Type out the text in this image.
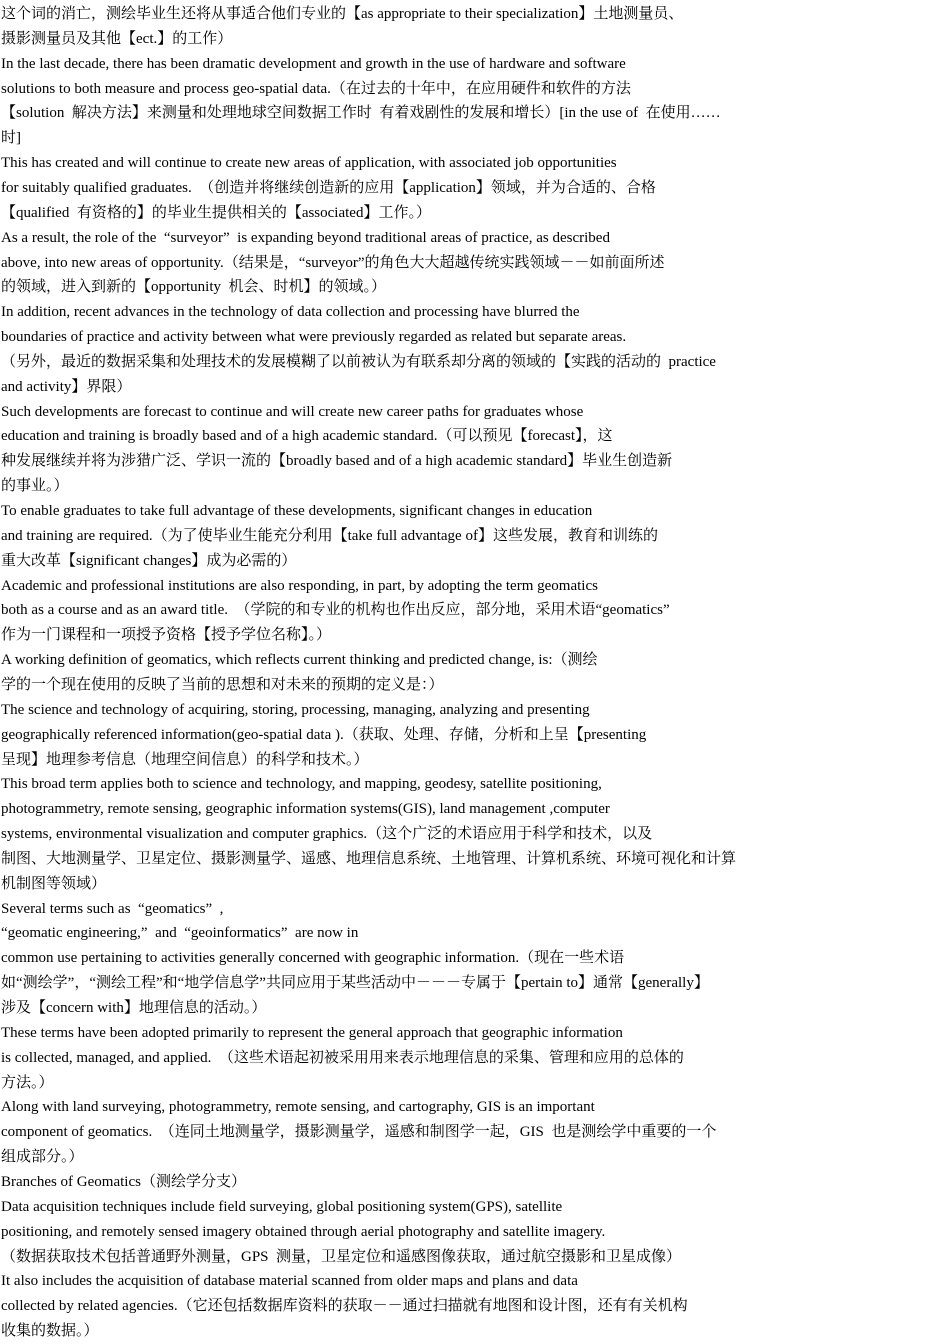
这个词的消亡，测绘毕业生还将从事适合他们专业的【as appropriate to their specialization】土地测量员、
摄影测量员及其他【ect.】的工作）
In the last decade, there has been dramatic development and growth in the use of hardware and software
solutions to both measure and process geo-spatial data.（在过去的十年中，在应用硬件和软件的方法
【solution  解决方法】来测量和处理地球空间数据工作时  有着戏剧性的发展和增长）[in the use of  在使用……
时]
This has created and will continue to create new areas of application, with associated job opportunities
for suitably qualified graduates.  （创造并将继续创造新的应用【application】领域，并为合适的、合格
【qualified  有资格的】的毕业生提供相关的【associated】工作。）
As a result, the role of the  “surveyor”  is expanding beyond traditional areas of practice, as described
above, into new areas of opportunity.（结果是，“surveyor”的角色大大超越传统实践领域－－如前面所述
的领域，进入到新的【opportunity  机会、时机】的领域。）
In addition, recent advances in the technology of data collection and processing have blurred the
boundaries of practice and activity between what were previously regarded as related but separate areas.
（另外，最近的数据采集和处理技术的发展模糊了以前被认为有联系却分离的领域的【实践的活动的  practice
and activity】界限）
Such developments are forecast to continue and will create new career paths for graduates whose
education and training is broadly based and of a high academic standard.（可以预见【forecast】，这
种发展继续并将为涉猎广泛、学识一流的【broadly based and of a high academic standard】毕业生创造新
的事业。）
To enable graduates to take full advantage of these developments, significant changes in education
and training are required.（为了使毕业生能充分利用【take full advantage of】这些发展，教育和训练的
重大改革【significant changes】成为必需的）
Academic and professional institutions are also responding, in part, by adopting the term geomatics
both as a course and as an award title.  （学院的和专业的机构也作出反应，部分地，采用术语“geomatics”
作为一门课程和一项授予资格【授予学位名称】。）
A working definition of geomatics, which reflects current thinking and predicted change, is:（测绘
学的一个现在使用的反映了当前的思想和对未来的预期的定义是：）
The science and technology of acquiring, storing, processing, managing, analyzing and presenting
geographically referenced information(geo-spatial data ).（获取、处理、存储，分析和上呈【presenting
呈现】地理参考信息（地理空间信息）的科学和技术。）
This broad term applies both to science and technology, and mapping, geodesy, satellite positioning,
photogrammetry, remote sensing, geographic information systems(GIS), land management ,computer
systems, environmental visualization and computer graphics.（这个广泛的术语应用于科学和技术，以及
制图、大地测量学、卫星定位、摄影测量学、遥感、地理信息系统、土地管理、计算机系统、环境可视化和计算
机制图等领域）
Several terms such as  “geomatics”  ,
“geomatic engineering,”  and  “geoinformatics”  are now in
common use pertaining to activities generally concerned with geographic information.（现在一些术语
如“测绘学”，“测绘工程”和“地学信息学”共同应用于某些活动中－－－专属于【pertain to】通常【generally】
涉及【concern with】地理信息的活动。）
These terms have been adopted primarily to represent the general approach that geographic information
is collected, managed, and applied.  （这些术语起初被采用用来表示地理信息的采集、管理和应用的总体的
方法。）
Along with land surveying, photogrammetry, remote sensing, and cartography, GIS is an important
component of geomatics.  （连同土地测量学，摄影测量学，遥感和制图学一起，GIS  也是测绘学中重要的一个
组成部分。）
Branches of Geomatics（测绘学分支）
Data acquisition techniques include field surveying, global positioning system(GPS), satellite
positioning, and remotely sensed imagery obtained through aerial photography and satellite imagery.
（数据获取技术包括普通野外测量，GPS  测量，卫星定位和遥感图像获取，通过航空摄影和卫星成像）
It also includes the acquisition of database material scanned from older maps and plans and data
collected by related agencies.（它还包括数据库资料的获取－－通过扫描就有地图和设计图，还有有关机构
收集的数据。）
